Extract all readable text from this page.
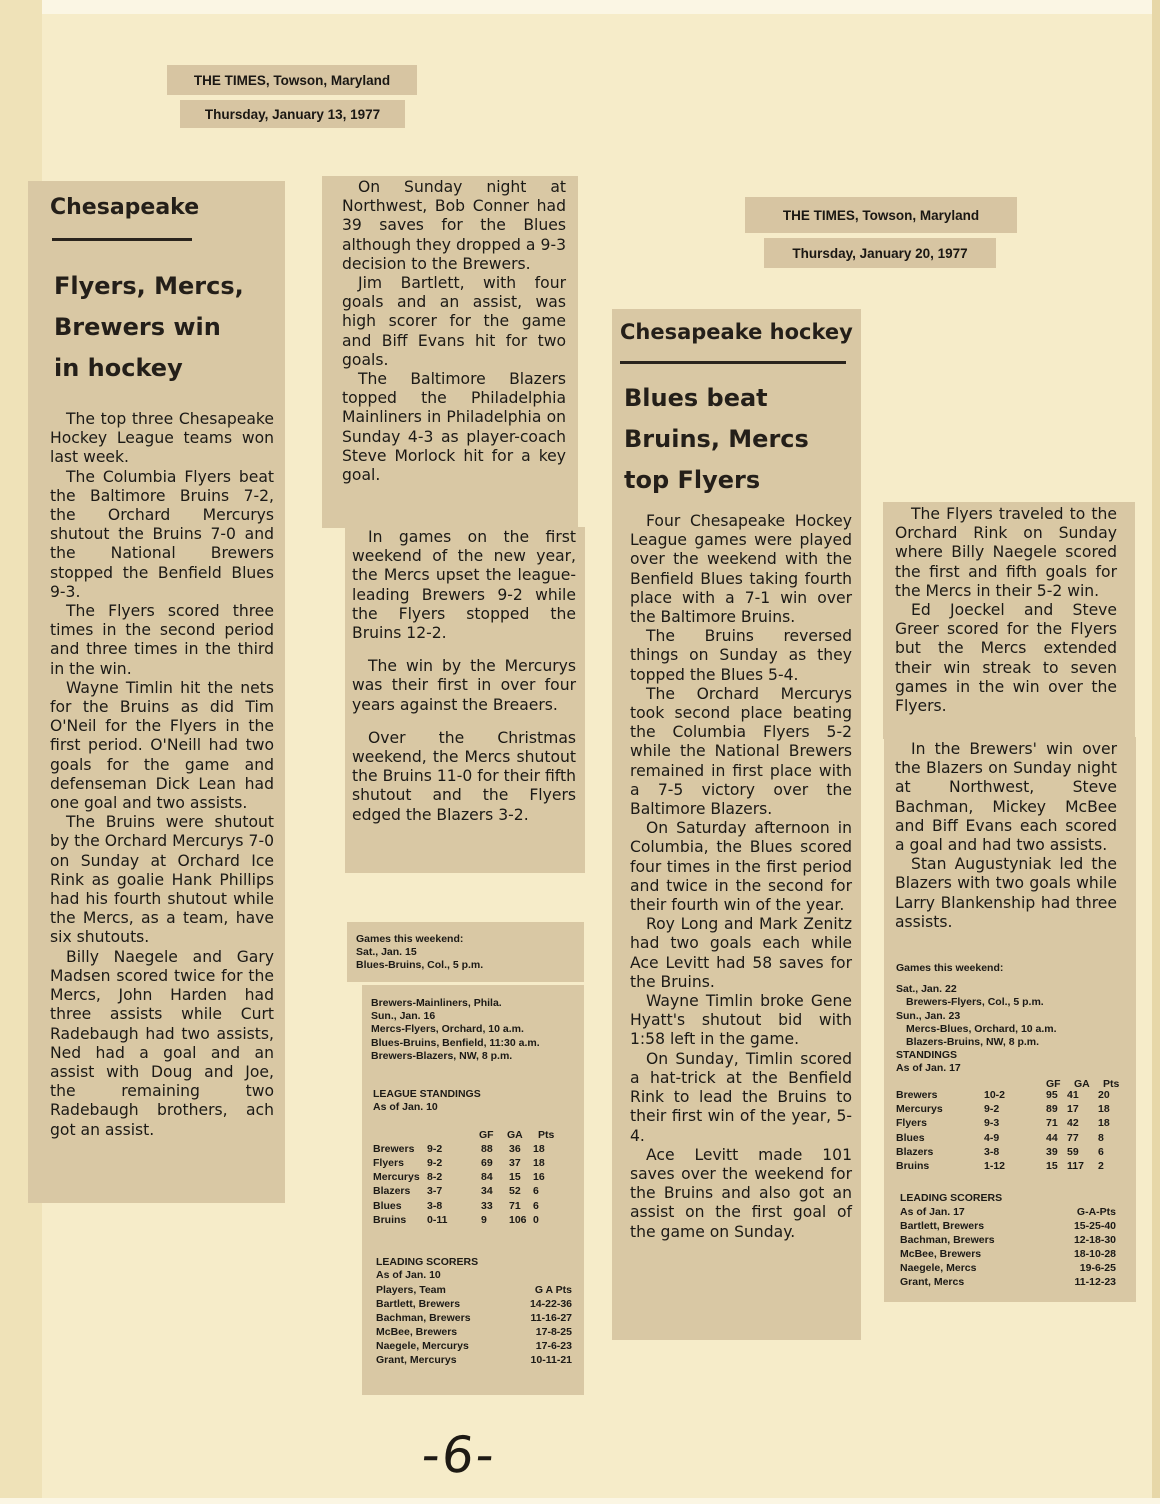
THE TIMES, Towson, Maryland
Thursday, January 13, 1977
Chesapeake
Flyers, Mercs,
Brewers win
in hockey

The top three Chesapeake Hockey League teams won last week.

The Columbia Flyers beat the Baltimore Bruins 7-2, the Orchard Mercurys shutout the Bruins 7-0 and the National Brewers stopped the Benfield Blues 9-3.

The Flyers scored three times in the second period and three times in the third in the win.

Wayne Timlin hit the nets for the Bruins as did Tim O'Neil for the Flyers in the first period. O'Neill had two goals for the game and defenseman Dick Lean had one goal and two assists.

The Bruins were shutout by the Orchard Mercurys 7-0 on Sunday at Orchard Ice Rink as goalie Hank Phillips had his fourth shutout while the Mercs, as a team, have six shutouts.

Billy Naegele and Gary Madsen scored twice for the Mercs, John Harden had three assists while Curt Radebaugh had two assists, Ned had a goal and an assist with Doug and Joe, the remaining two Radebaugh brothers, ach got an assist.

On Sunday night at Northwest, Bob Conner had 39 saves for the Blues although they dropped a 9-3 decision to the Brewers.

Jim Bartlett, with four goals and an assist, was high scorer for the game and Biff Evans hit for two goals.

The Baltimore Blazers topped the Philadelphia Mainliners in Philadelphia on Sunday 4-3 as player-coach Steve Morlock hit for a key goal.

In games on the first weekend of the new year, the Mercs upset the league-leading Brewers 9-2 while the Flyers stopped the Bruins 12-2.

The win by the Mercurys was their first in over four years against the Breaers.

Over the Christmas weekend, the Mercs shutout the Bruins 11-0 for their fifth shutout and the Flyers edged the Blazers 3-2.

Games this weekend:
Sat., Jan. 15
Blues-Bruins, Col., 5 p.m.
Brewers-Mainliners, Phila.
Sun., Jan. 16
Mercs-Flyers, Orchard, 10 a.m.
Blues-Bruins, Benfield, 11:30 a.m.
Brewers-Blazers, NW, 8 p.m.
LEAGUE STANDINGS
As of Jan. 10
GF GA Pts
Brewers 9-2	88 36 18
Flyers 9-2	69 37 18
Mercurys 8-2	84 15 16
Blazers 3-7	34 52 6
Blues 3-8	33 71 6
Bruins 0-11	9 106 0
LEADING SCORERS
As of Jan. 10
Players, Team	G A Pts
Bartlett, Brewers	14-22-36
Bachman, Brewers	11-16-27
McBee, Brewers	17-8-25
Naegele, Mercurys	17-6-23
Grant, Mercurys	10-11-21
THE TIMES, Towson, Maryland
Thursday, January 20, 1977
Chesapeake hockey
Blues beat
Bruins, Mercs
top Flyers

Four Chesapeake Hockey League games were played over the weekend with the Benfield Blues taking fourth place with a 7-1 win over the Baltimore Bruins.

The Bruins reversed things on Sunday as they topped the Blues 5-4.

The Orchard Mercurys took second place beating the Columbia Flyers 5-2 while the National Brewers remained in first place with a 7-5 victory over the Baltimore Blazers.

On Saturday afternoon in Columbia, the Blues scored four times in the first period and twice in the second for their fourth win of the year.

Roy Long and Mark Zenitz had two goals each while Ace Levitt had 58 saves for the Bruins.

Wayne Timlin broke Gene Hyatt's shutout bid with 1:58 left in the game.

On Sunday, Timlin scored a hat-trick at the Benfield Rink to lead the Bruins to their first win of the year, 5-4.

Ace Levitt made 101 saves over the weekend for the Bruins and also got an assist on the first goal of the game on Sunday.

The Flyers traveled to the Orchard Rink on Sunday where Billy Naegele scored the first and fifth goals for the Mercs in their 5-2 win.

Ed Joeckel and Steve Greer scored for the Flyers but the Mercs extended their win streak to seven games in the win over the Flyers.

In the Brewers' win over the Blazers on Sunday night at Northwest, Steve Bachman, Mickey McBee and Biff Evans each scored a goal and had two assists.

Stan Augustyniak led the Blazers with two goals while Larry Blankenship had three assists.

Games this weekend:
Sat., Jan. 22
Brewers-Flyers, Col., 5 p.m.
Sun., Jan. 23
Mercs-Blues, Orchard, 10 a.m.
Blazers-Bruins, NW, 8 p.m.
STANDINGS
As of Jan. 17
GF GA Pts
Brewers	10-2	95 41 20
Mercurys	9-2	89 17 18
Flyers	9-3	71 42 18
Blues	4-9	44 77 8
Blazers	3-8	39 59 6
Bruins	1-12	15 117 2
LEADING SCORERS
As of Jan. 17	G-A-Pts
Bartlett, Brewers	15-25-40
Bachman, Brewers	12-18-30
McBee, Brewers	18-10-28
Naegele, Mercs	19-6-25
Grant, Mercs	11-12-23
-6-
